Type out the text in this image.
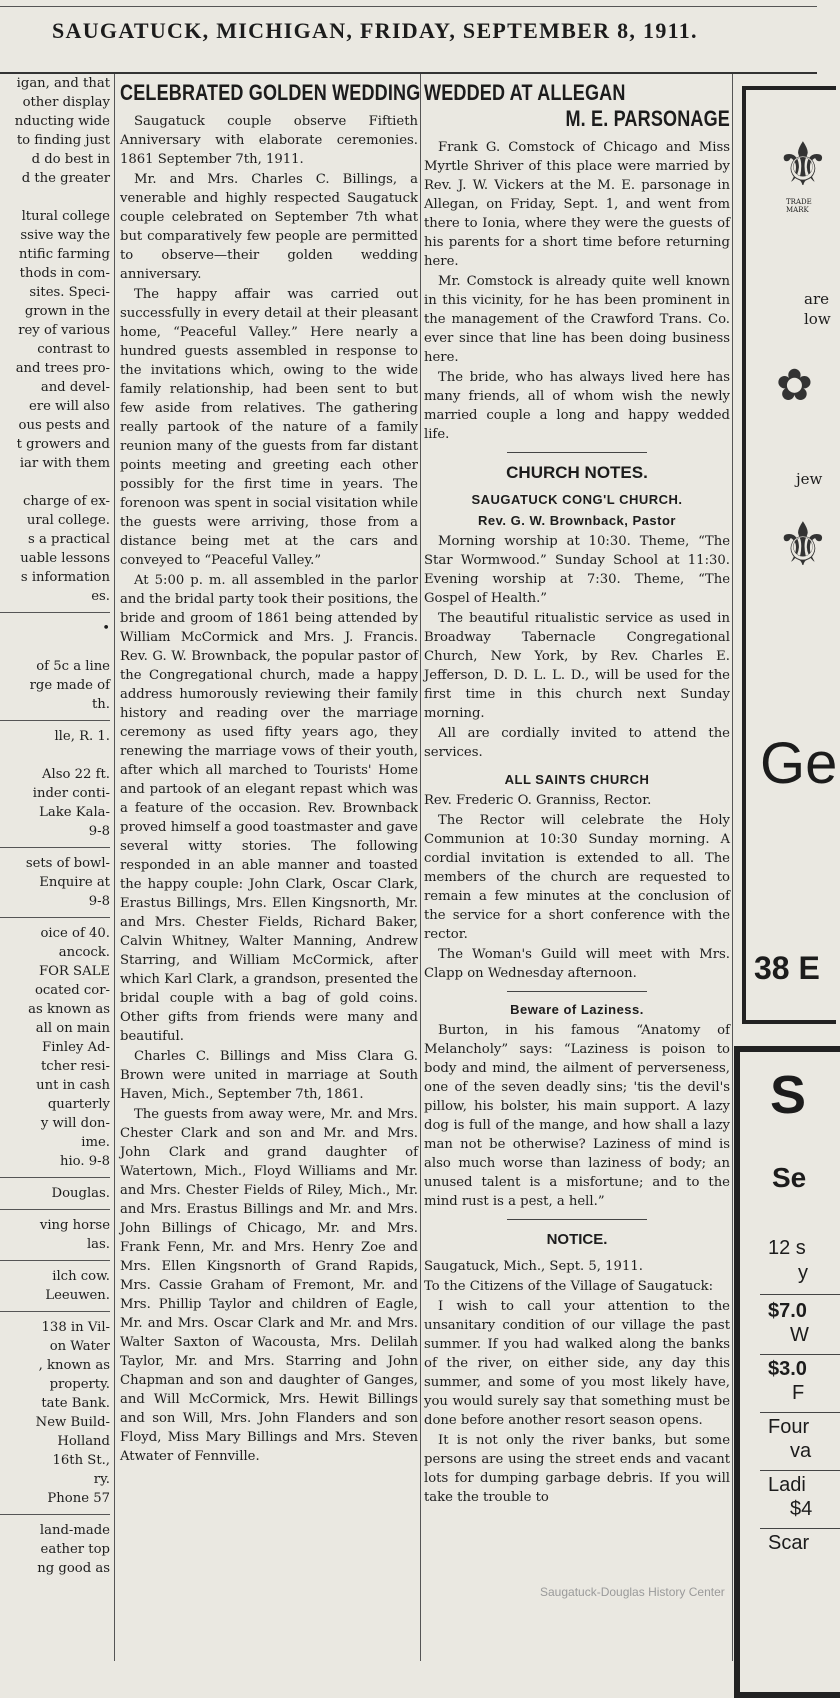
SAUGATUCK, MICHIGAN, FRIDAY, SEPTEMBER 8, 1911.
igan, and that
other display
nducting wide
to finding just
d do best in
d the greater

ltural college
ssive way the
ntific farming
thods in com-
sites. Speci-
grown in the
rey of various
contrast to
and trees pro-
and devel-
ere will also
ous pests and
t growers and
iar with them

charge of ex-
ural college.
s a practical
uable lessons
s information
es.
•

of 5c a line
rge made of
th.
lle, R. 1.

Also 22 ft.
inder conti-
Lake Kala-
9-8
sets of bowl-
Enquire at
9-8
oice of 40.
ancock.
FOR SALE
ocated cor-
as known as
all on main
Finley Ad-
tcher resi-
unt in cash
quarterly
y will don-
ime.
hio. 9-8
Douglas.
ving horse
las.
ilch cow.
Leeuwen.
138 in Vil-
on Water
, known as
property.
tate Bank.
New Build-
Holland
16th St.,
ry.
Phone 57
land-made
eather top
ng good as
CELEBRATED GOLDEN WEDDING

Saugatuck couple observe Fiftieth Anniversary with elaborate ceremonies. 1861 September 7th, 1911.

Mr. and Mrs. Charles C. Billings, a venerable and highly respected Saugatuck couple celebrated on September 7th what but comparatively few people are permitted to observe—their golden wedding anniversary.

The happy affair was carried out successfully in every detail at their pleasant home, “Peaceful Valley.” Here nearly a hundred guests assembled in response to the invitations which, owing to the wide family relationship, had been sent to but few aside from relatives. The gathering really partook of the nature of a family reunion many of the guests from far distant points meeting and greeting each other possibly for the first time in years. The forenoon was spent in social visitation while the guests were arriving, those from a distance being met at the cars and conveyed to “Peaceful Valley.”

At 5:00 p. m. all assembled in the parlor and the bridal party took their positions, the bride and groom of 1861 being attended by William McCormick and Mrs. J. Francis. Rev. G. W. Brownback, the popular pastor of the Congregational church, made a happy address humorously reviewing their family history and reading over the marriage ceremony as used fifty years ago, they renewing the marriage vows of their youth, after which all marched to Tourists' Home and partook of an elegant repast which was a feature of the occasion. Rev. Brownback proved himself a good toastmaster and gave several witty stories. The following responded in an able manner and toasted the happy couple: John Clark, Oscar Clark, Erastus Billings, Mrs. Ellen Kingsnorth, Mr. and Mrs. Chester Fields, Richard Baker, Calvin Whitney, Walter Manning, Andrew Starring, and William McCormick, after which Karl Clark, a grandson, presented the bridal couple with a bag of gold coins. Other gifts from friends were many and beautiful.

Charles C. Billings and Miss Clara G. Brown were united in marriage at South Haven, Mich., September 7th, 1861.

The guests from away were, Mr. and Mrs. Chester Clark and son and Mr. and Mrs. John Clark and grand daughter of Watertown, Mich., Floyd Williams and Mr. and Mrs. Chester Fields of Riley, Mich., Mr. and Mrs. Erastus Billings and Mr. and Mrs. John Billings of Chicago, Mr. and Mrs. Frank Fenn, Mr. and Mrs. Henry Zoe and Mrs. Ellen Kingsnorth of Grand Rapids, Mrs. Cassie Graham of Fremont, Mr. and Mrs. Phillip Taylor and children of Eagle, Mr. and Mrs. Oscar Clark and Mr. and Mrs. Walter Saxton of Wacousta, Mrs. Delilah Taylor, Mr. and Mrs. Starring and John Chapman and son and daughter of Ganges, and Will McCormick, Mrs. Hewit Billings and son Will, Mrs. John Flanders and son Floyd, Miss Mary Billings and Mrs. Steven Atwater of Fennville.

WEDDED AT ALLEGAN
M. E. PARSONAGE

Frank G. Comstock of Chicago and Miss Myrtle Shriver of this place were married by Rev. J. W. Vickers at the M. E. parsonage in Allegan, on Friday, Sept. 1, and went from there to Ionia, where they were the guests of his parents for a short time before returning here.

Mr. Comstock is already quite well known in this vicinity, for he has been prominent in the management of the Crawford Trans. Co. ever since that line has been doing business here.

The bride, who has always lived here has many friends, all of whom wish the newly married couple a long and happy wedded life.

CHURCH NOTES.
SAUGATUCK CONG'L CHURCH.
Rev. G. W. Brownback, Pastor

Morning worship at 10:30. Theme, “The Star Wormwood.” Sunday School at 11:30. Evening worship at 7:30. Theme, “The Gospel of Health.”

The beautiful ritualistic service as used in Broadway Tabernacle Congregational Church, New York, by Rev. Charles E. Jefferson, D. D. L. L. D., will be used for the first time in this church next Sunday morning.

All are cordially invited to attend the services.

ALL SAINTS CHURCH

Rev. Frederic O. Granniss, Rector.

The Rector will celebrate the Holy Communion at 10:30 Sunday morning. A cordial invitation is extended to all. The members of the church are requested to remain a few minutes at the conclusion of the service for a short conference with the rector.

The Woman's Guild will meet with Mrs. Clapp on Wednesday afternoon.

Beware of Laziness.

Burton, in his famous “Anatomy of Melancholy” says: “Laziness is poison to body and mind, the ailment of perverseness, one of the seven deadly sins; 'tis the devil's pillow, his bolster, his main support. A lazy dog is full of the mange, and how shall a lazy man not be otherwise? Laziness of mind is also much worse than laziness of body; an unused talent is a misfortune; and to the mind rust is a pest, a hell.”

NOTICE.

Saugatuck, Mich., Sept. 5, 1911.

To the Citizens of the Village of Saugatuck:

I wish to call your attention to the unsanitary condition of our village the past summer. If you had walked along the banks of the river, on either side, any day this summer, and some of you most likely have, you would surely say that something must be done before another resort season opens.

It is not only the river banks, but some persons are using the street ends and vacant lots for dumping garbage debris. If you will take the trouble to

⚜
TRADE MARK
are
low
✿
jew
⚜
Ge
38 E
S
Se
12 s
y
$7.0
W
$3.0
F
Four
va
Ladi
$4
Scar
Saugatuck-Douglas History Center
